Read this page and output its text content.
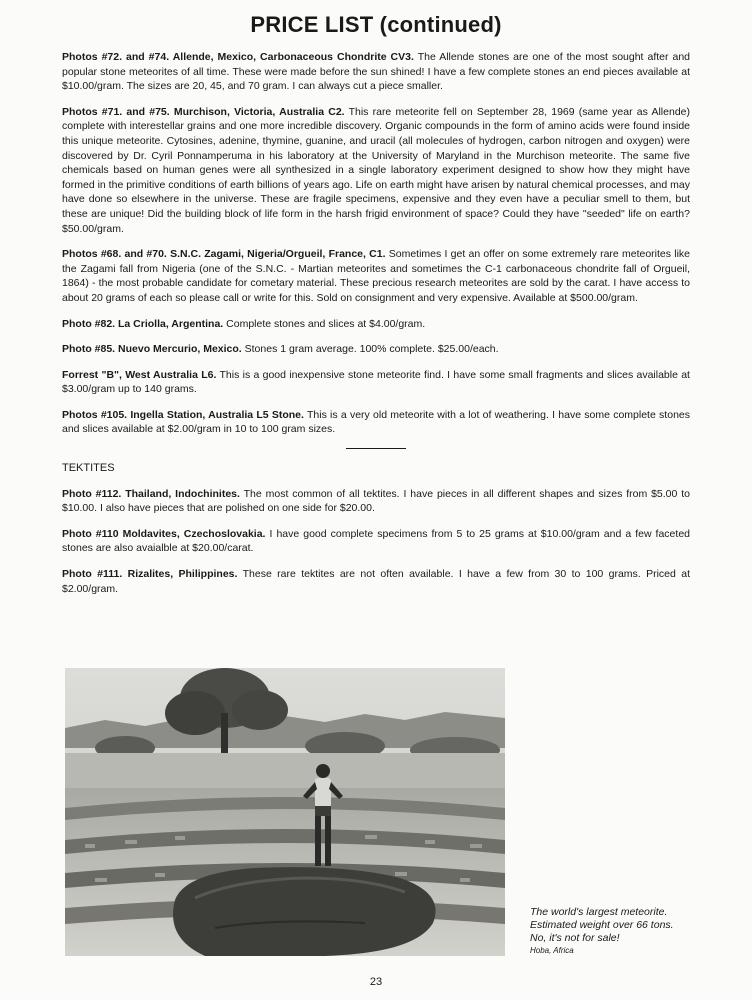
PRICE LIST (continued)

Photos #72. and #74. Allende, Mexico, Carbonaceous Chondrite CV3. The Allende stones are one of the most sought after and popular stone meteorites of all time. These were made before the sun shined! I have a few complete stones an end pieces available at $10.00/gram. The sizes are 20, 45, and 70 gram. I can always cut a piece smaller.

Photos #71. and #75. Murchison, Victoria, Australia C2. This rare meteorite fell on September 28, 1969 (same year as Allende) complete with interestellar grains and one more incredible discovery. Organic compounds in the form of amino acids were found inside this unique meteorite. Cytosines, adenine, thymine, guanine, and uracil (all molecules of hydrogen, carbon nitrogen and oxygen) were discovered by Dr. Cyril Ponnamperuma in his laboratory at the University of Maryland in the Murchison meteorite. The same five chemicals based on human genes were all synthesized in a single laboratory experiment designed to show how they might have formed in the primitive conditions of earth billions of years ago. Life on earth might have arisen by natural chemical processes, and may have done so elsewhere in the universe. These are fragile specimens, expensive and they even have a peculiar smell to them, but these are unique! Did the building block of life form in the harsh frigid environment of space? Could they have "seeded" life on earth? $50.00/gram.

Photos #68. and #70. S.N.C. Zagami, Nigeria/Orgueil, France, C1. Sometimes I get an offer on some extremely rare meteorites like the Zagami fall from Nigeria (one of the S.N.C. - Martian meteorites and sometimes the C-1 carbonaceous chondrite fall of Orgueil, 1864) - the most probable candidate for cometary material. These precious research meteorites are sold by the carat. I have access to about 20 grams of each so please call or write for this. Sold on consignment and very expensive. Available at $500.00/gram.

Photo #82. La Criolla, Argentina. Complete stones and slices at $4.00/gram.

Photo #85. Nuevo Mercurio, Mexico. Stones 1 gram average. 100% complete. $25.00/each.

Forrest "B", West Australia L6. This is a good inexpensive stone meteorite find. I have some small fragments and slices available at $3.00/gram up to 140 grams.

Photos #105. Ingella Station, Australia L5 Stone. This is a very old meteorite with a lot of weathering. I have some complete stones and slices available at $2.00/gram in 10 to 100 gram sizes.

TEKTITES

Photo #112. Thailand, Indochinites. The most common of all tektites. I have pieces in all different shapes and sizes from $5.00 to $10.00. I also have pieces that are polished on one side for $20.00.

Photo #110 Moldavites, Czechoslovakia. I have good complete specimens from 5 to 25 grams at $10.00/gram and a few faceted stones are also avaialble at $20.00/carat.

Photo #111. Rizalites, Philippines. These rare tektites are not often available. I have a few from 30 to 100 grams. Priced at $2.00/gram.

The world's largest meteorite.
Estimated weight over 66 tons.
No, it's not for sale!
Hoba, Africa
23
